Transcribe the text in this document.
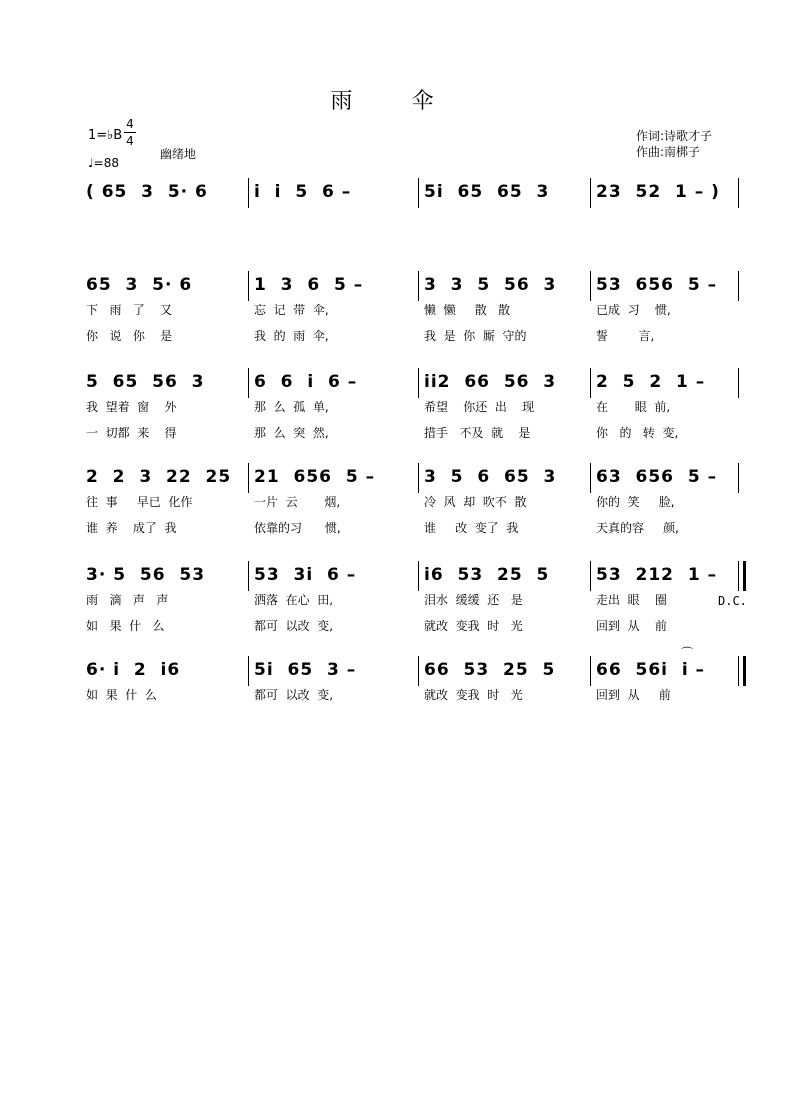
雨 伞
1=♭B
4
4
♩=88
幽绪地
作词:诗歌才子
作曲:南梆子
( 65  3  5· 6	i  i  5  6 –	5i  65  65  3	23  52  1 – )
65  3  5· 6
下   雨   了    又
你   说   你    是
1  3  6  5 –
忘  记  带  伞,
我  的  雨  伞,
3  3  5  56  3
懒  懒     散   散
我  是  你  厮  守的
53  656  5 –
已成  习    惯,
誓        言,
5  65  56  3
我  望着  窗    外
一  切都  来    得
6  6  i  6 –
那  么  孤  单,
那  么  突  然,
ii2  66  56  3
希望    你还  出    现
措手   不及  就    是
2  5  2  1 –
在       眼  前,
你   的   转  变,
2  2  3  22  25
往  事     早已  化作
谁  养    成了  我
21  656  5 –
一片  云       烟,
依靠的习      惯,
3  5  6  65  3
冷  风  却  吹不  散
谁     改  变了  我
63  656  5 –
你的  笑     脸,
天真的容     颜,
3· 5  56  53
雨   滴   声   声
如   果  什   么
53  3i  6 –
洒落  在心  田,
都可  以改  变,
i6  53  25  5
泪水  缓缓  还   是
就改  变我  时   光
53  212  1 –
走出  眼    圈
回到  从    前
6· i  2  i6
如  果  什  么
5i  65  3 –
都可  以改  变,
66  53  25  5
就改  变我  时   光
66  56i  i –
回到  从     前
D.C.
⌒
